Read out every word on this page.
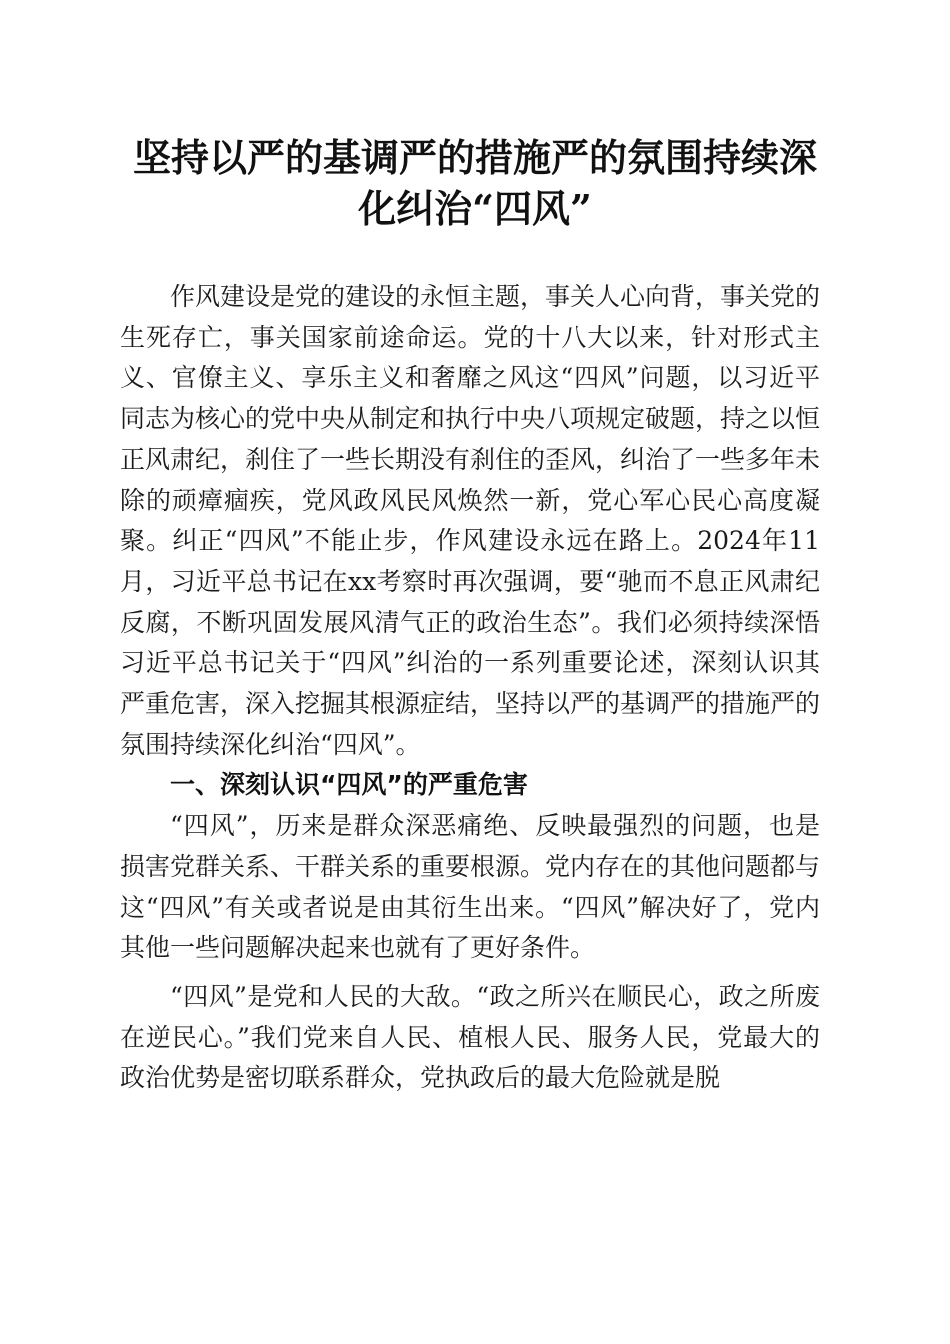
坚持以严的基调严的措施严的氛围持续深化纠治“四风”

作风建设是党的建设的永恒主题，事关人心向背，事关党的生死存亡，事关国家前途命运。党的十八大以来，针对形式主义、官僚主义、享乐主义和奢靡之风这“四风”问题，以习近平同志为核心的党中央从制定和执行中央八项规定破题，持之以恒正风肃纪，刹住了一些长期没有刹住的歪风，纠治了一些多年未除的顽瘴痼疾，党风政风民风焕然一新，党心军心民心高度凝聚。纠正“四风”不能止步，作风建设永远在路上。2024年11月，习近平总书记在xx考察时再次强调，要“驰而不息正风肃纪反腐，不断巩固发展风清气正的政治生态”。我们必须持续深悟习近平总书记关于“四风”纠治的一系列重要论述，深刻认识其严重危害，深入挖掘其根源症结，坚持以严的基调严的措施严的氛围持续深化纠治“四风”。

一、深刻认识“四风”的严重危害

“四风”，历来是群众深恶痛绝、反映最强烈的问题，也是损害党群关系、干群关系的重要根源。党内存在的其他问题都与这“四风”有关或者说是由其衍生出来。“四风”解决好了，党内其他一些问题解决起来也就有了更好条件。

“四风”是党和人民的大敌。“政之所兴在顺民心，政之所废在逆民心。”我们党来自人民、植根人民、服务人民，党最大的政治优势是密切联系群众，党执政后的最大危险就是脱
